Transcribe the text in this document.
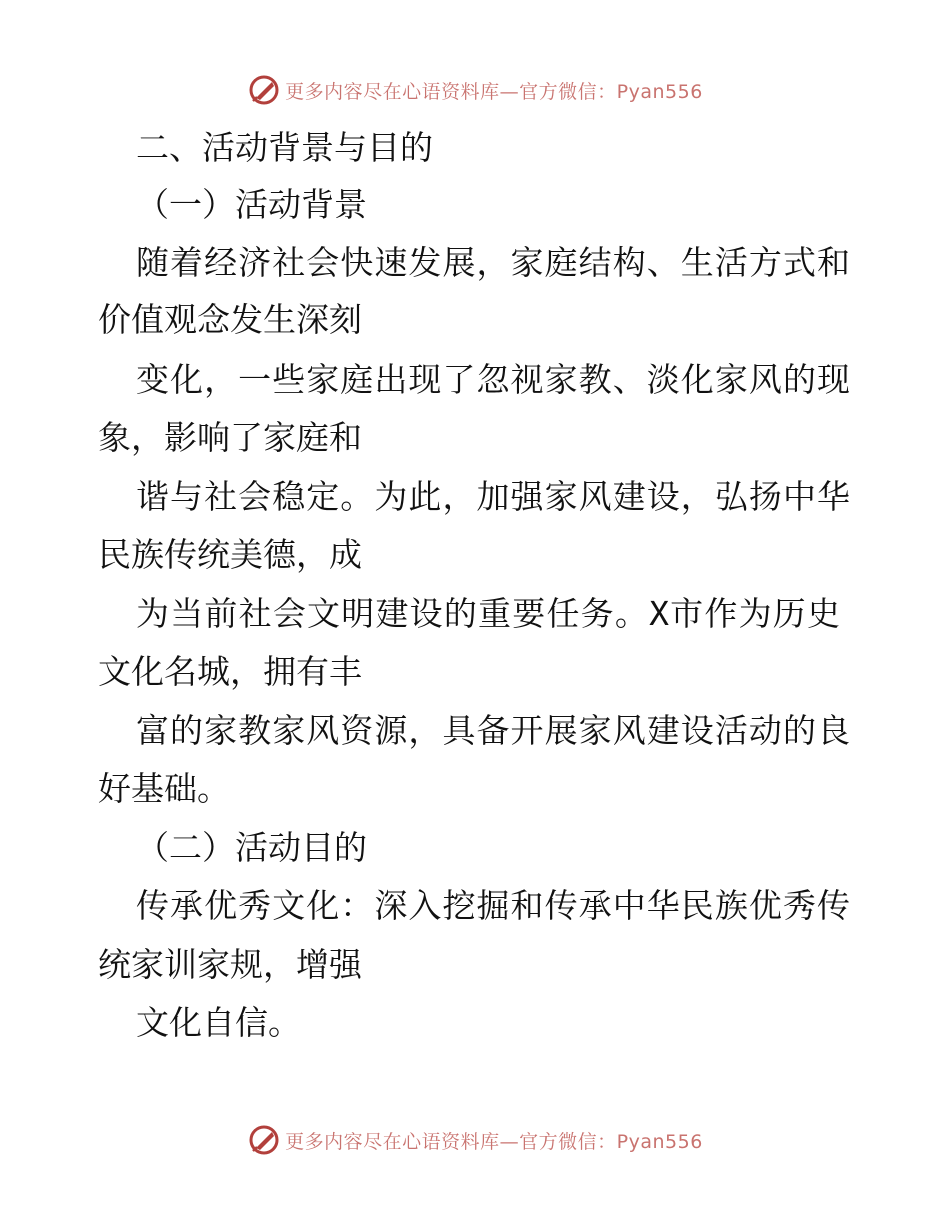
更多内容尽在心语资料库—官方微信：Pyan556
二、活动背景与目的
（一）活动背景
随着经济社会快速发展，家庭结构、生活方式和
价值观念发生深刻
变化，一些家庭出现了忽视家教、淡化家风的现
象，影响了家庭和
谐与社会稳定。为此，加强家风建设，弘扬中华
民族传统美德，成
为当前社会文明建设的重要任务。X市作为历史
文化名城，拥有丰
富的家教家风资源，具备开展家风建设活动的良
好基础。
（二）活动目的
传承优秀文化：深入挖掘和传承中华民族优秀传
统家训家规，增强
文化自信。
更多内容尽在心语资料库—官方微信：Pyan556
